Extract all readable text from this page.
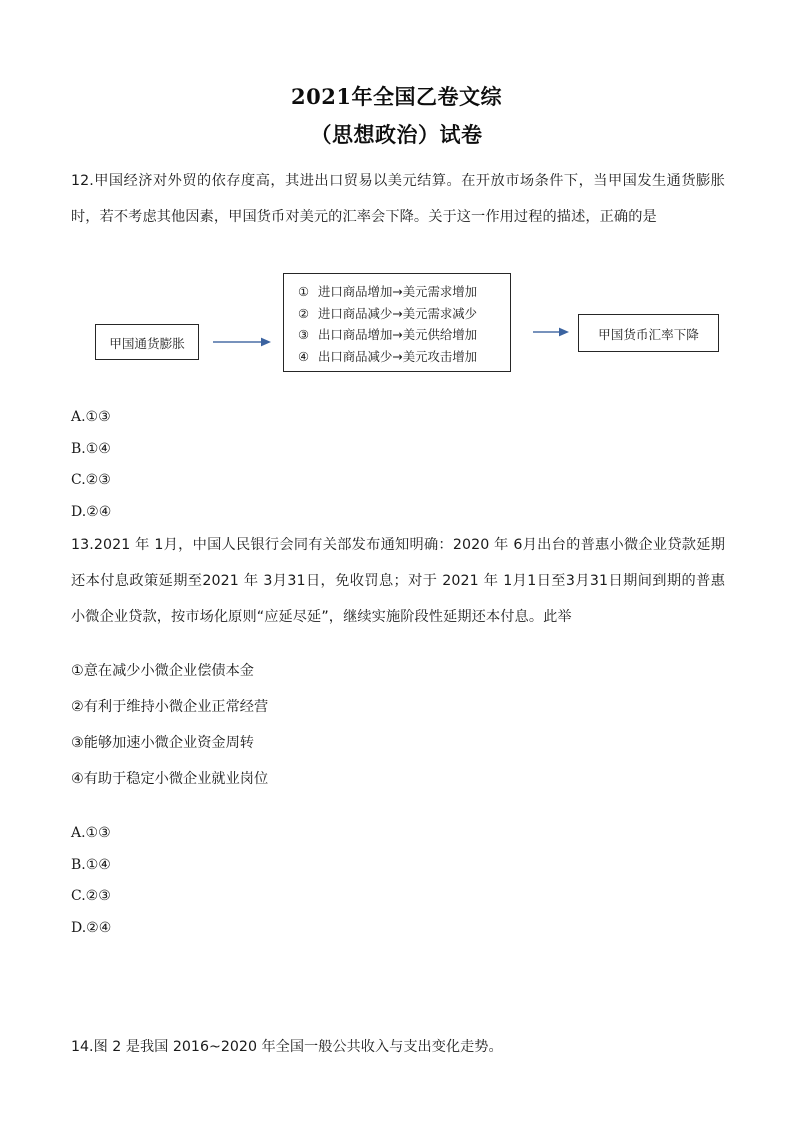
2021年全国乙卷文综
（思想政治）试卷
12.甲国经济对外贸的依存度高，其进出口贸易以美元结算。在开放市场条件下，当甲国发生通货膨胀时，若不考虑其他因素，甲国货币对美元的汇率会下降。关于这一作用过程的描述，正确的是
甲国通货膨胀
① 进口商品增加→美元需求增加
② 进口商品减少→美元需求减少
③ 出口商品增加→美元供给增加
④ 出口商品减少→美元攻击增加
甲国货币汇率下降
A.①③
B.①④
C.②③
D.②④
13.2021 年 1月，中国人民银行会同有关部发布通知明确：2020 年 6月出台的普惠小微企业贷款延期还本付息政策延期至2021 年 3月31日，免收罚息；对于 2021 年 1月1日至3月31日期间到期的普惠小微企业贷款，按市场化原则“应延尽延”，继续实施阶段性延期还本付息。此举
①意在减少小微企业偿债本金
②有利于维持小微企业正常经营
③能够加速小微企业资金周转
④有助于稳定小微企业就业岗位
A.①③
B.①④
C.②③
D.②④
14.图 2 是我国 2016~2020 年全国一般公共收入与支出变化走势。
